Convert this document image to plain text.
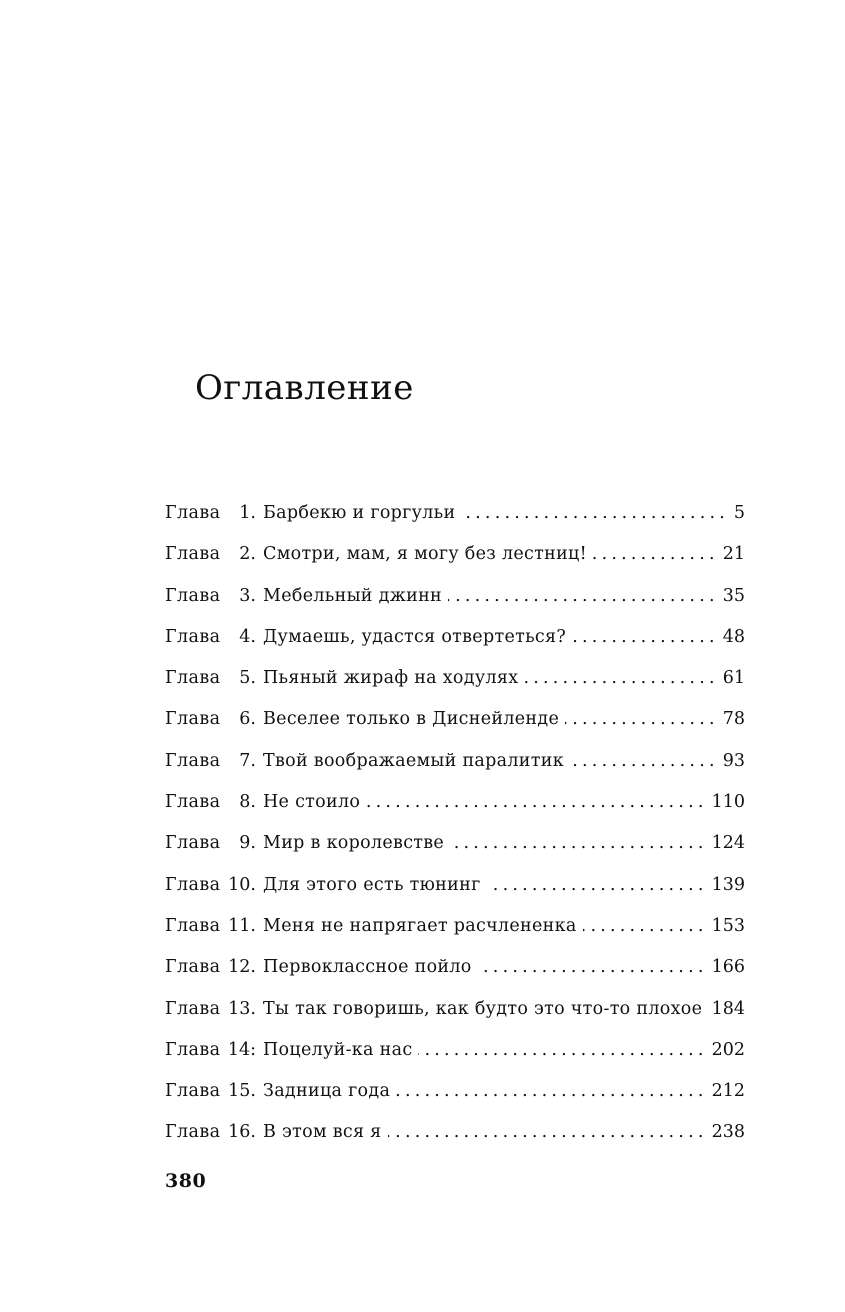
Оглавление
Глава	1. Барбекю и горгульи .....	5
Глава	2. Смотри, мам, я могу без лестниц! .....	21
Глава	3. Мебельный джинн .....	35
Глава	4. Думаешь, удастся отвертеться? .....	48
Глава	5. Пьяный жираф на ходулях .....	61
Глава	6. Веселее только в Диснейленде .....	78
Глава	7. Твой воображаемый паралитик .....	93
Глава	8. Не стоило .....	110
Глава	9. Мир в королевстве .....	124
Глава 10. Для этого есть тюнинг .....	139
Глава 11. Меня не напрягает расчлененка .....	153
Глава 12. Первоклассное пойло .....	166
Глава 13. Ты так говоришь, как будто это что-то плохое ..... 184
Глава 14: Поцелуй-ка нас .....	202
Глава 15. Задница года .....	212
Глава 16. В этом вся я .....	238
380
